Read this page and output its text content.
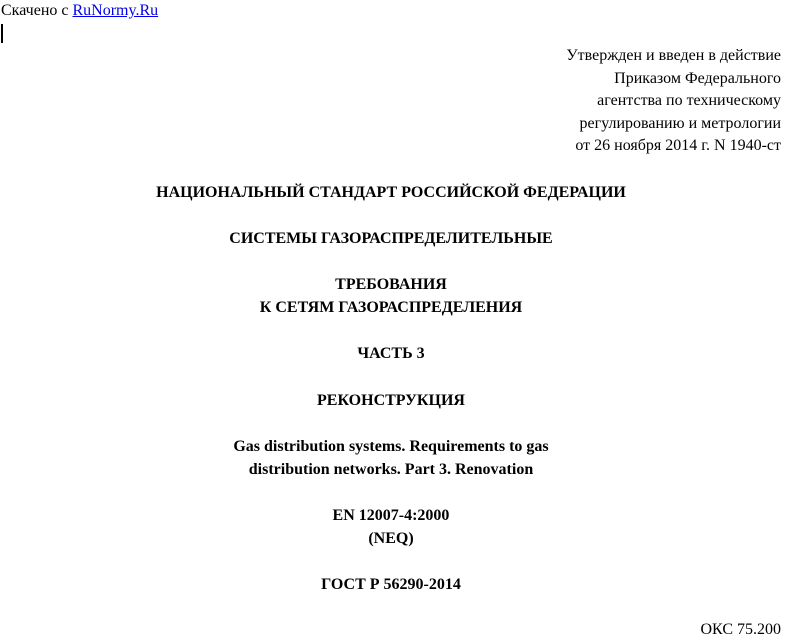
Скачено с RuNormy.Ru
Утвержден и введен в действие
Приказом Федерального
агентства по техническому
регулированию и метрологии
от 26 ноября 2014 г. N 1940-ст
НАЦИОНАЛЬНЫЙ СТАНДАРТ РОССИЙСКОЙ ФЕДЕРАЦИИ
СИСТЕМЫ ГАЗОРАСПРЕДЕЛИТЕЛЬНЫЕ
ТРЕБОВАНИЯ
К СЕТЯМ ГАЗОРАСПРЕДЕЛЕНИЯ
ЧАСТЬ 3
РЕКОНСТРУКЦИЯ
Gas distribution systems. Requirements to gas
distribution networks. Part 3. Renovation
EN 12007-4:2000
(NEQ)
ГОСТ Р 56290-2014
ОКС 75.200
